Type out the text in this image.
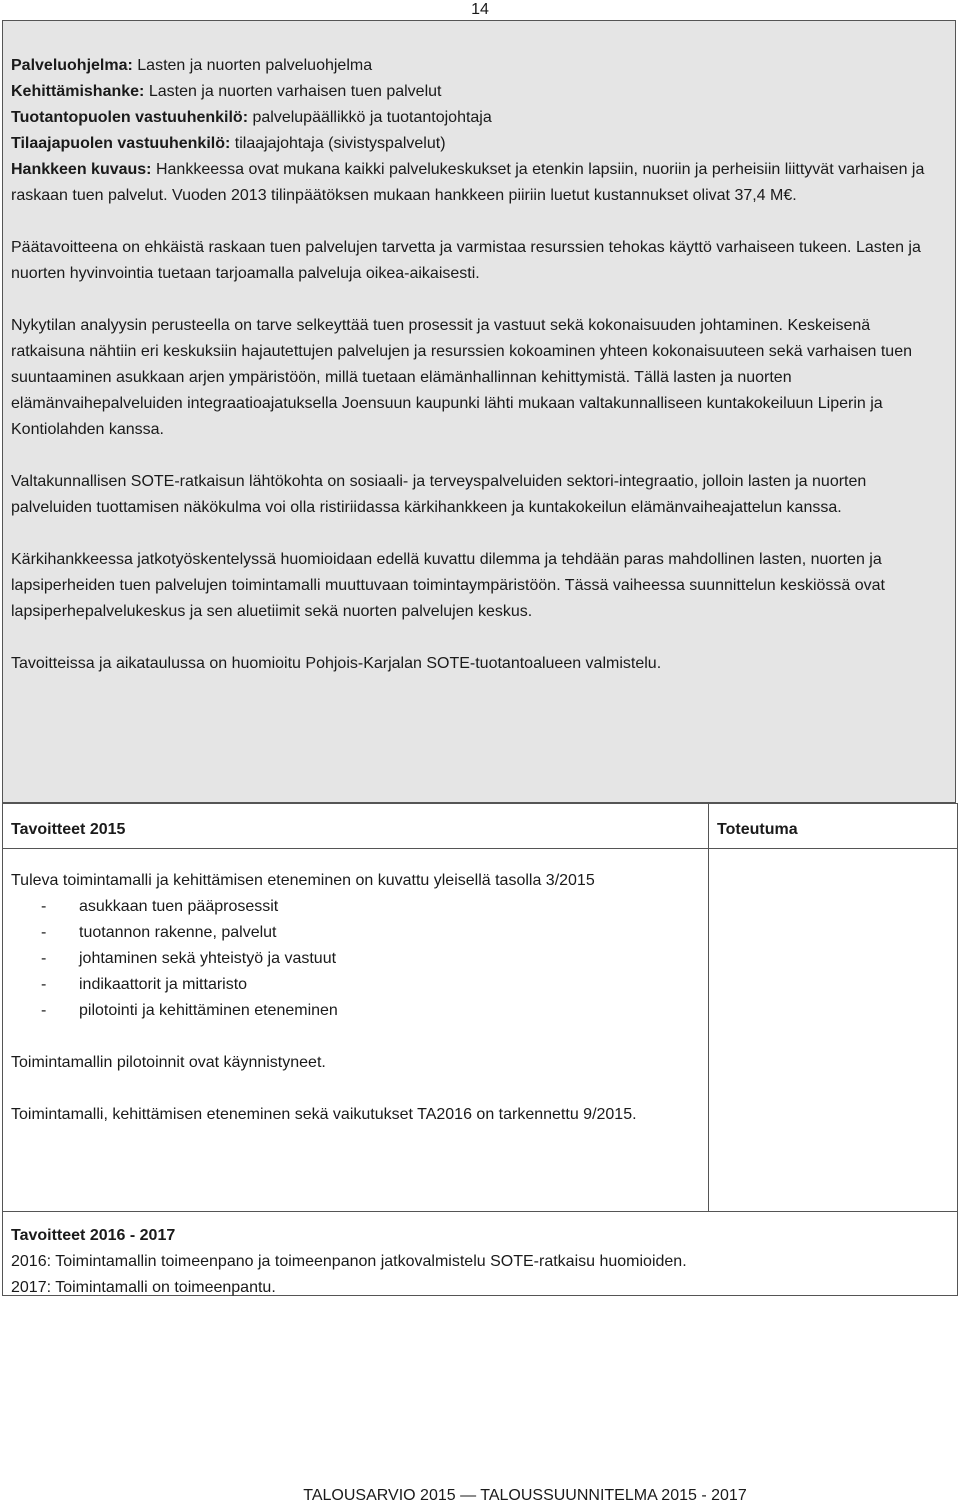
14

Palveluohjelma: Lasten ja nuorten palveluohjelma

Kehittämishanke: Lasten ja nuorten varhaisen tuen palvelut

Tuotantopuolen vastuuhenkilö: palvelupäällikkö ja tuotantojohtaja

Tilaajapuolen vastuuhenkilö: tilaajajohtaja (sivistyspalvelut)

Hankkeen kuvaus: Hankkeessa ovat mukana kaikki palvelukeskukset ja etenkin lapsiin, nuoriin ja perheisiin liittyvät varhaisen ja raskaan tuen palvelut. Vuoden 2013 tilinpäätöksen mukaan hankkeen piiriin luetut kustannukset olivat 37,4 M€.

Päätavoitteena on ehkäistä raskaan tuen palvelujen tarvetta ja varmistaa resurssien tehokas käyttö varhaiseen tukeen. Lasten ja nuorten hyvinvointia tuetaan tarjoamalla palveluja oikea-aikaisesti.

Nykytilan analyysin perusteella on tarve selkeyttää tuen prosessit ja vastuut sekä kokonaisuuden johtaminen. Keskeisenä ratkaisuna nähtiin eri keskuksiin hajautettujen palvelujen ja resurssien kokoaminen yhteen kokonaisuuteen sekä varhaisen tuen suuntaaminen asukkaan arjen ympäristöön, millä tuetaan elämänhallinnan kehittymistä. Tällä lasten ja nuorten elämänvaihepalveluiden integraatioajatuksella Joensuun kaupunki lähti mukaan valtakunnalliseen kuntakokeiluun Liperin ja Kontiolahden kanssa.

Valtakunnallisen SOTE-ratkaisun lähtökohta on sosiaali- ja terveyspalveluiden sektori-integraatio, jolloin lasten ja nuorten palveluiden tuottamisen näkökulma voi olla ristiriidassa kärkihankkeen ja kuntakokeilun elämänvaiheajattelun kanssa.

Kärkihankkeessa jatkotyöskentelyssä huomioidaan edellä kuvattu dilemma ja tehdään paras mahdollinen lasten, nuorten ja lapsiperheiden tuen palvelujen toimintamalli muuttuvaan toimintaympäristöön. Tässä vaiheessa suunnittelun keskiössä ovat lapsiperhepalvelukeskus ja sen aluetiimit sekä nuorten palvelujen keskus.

Tavoitteissa ja aikataulussa on huomioitu Pohjois-Karjalan SOTE-tuotantoalueen valmistelu.

Tavoitteet 2015	Toteutuma

Tuleva toimintamalli ja kehittämisen eteneminen on kuvattu yleisellä tasolla 3/2015

- asukkaan tuen pääprosessit
- tuotannon rakenne, palvelut
- johtaminen sekä yhteistyö ja vastuut
- indikaattorit ja mittaristo
- pilotointi ja kehittäminen eteneminen

Toimintamallin pilotoinnit ovat käynnistyneet.

Toimintamalli, kehittämisen eteneminen sekä vaikutukset TA2016 on tarkennettu 9/2015.

Tavoitteet 2016 - 2017

2016: Toimintamallin toimeenpano ja toimeenpanon jatkovalmistelu SOTE-ratkaisu huomioiden.

2017: Toimintamalli on toimeenpantu.

TALOUSARVIO 2015 — TALOUSSUUNNITELMA 2015 - 2017
